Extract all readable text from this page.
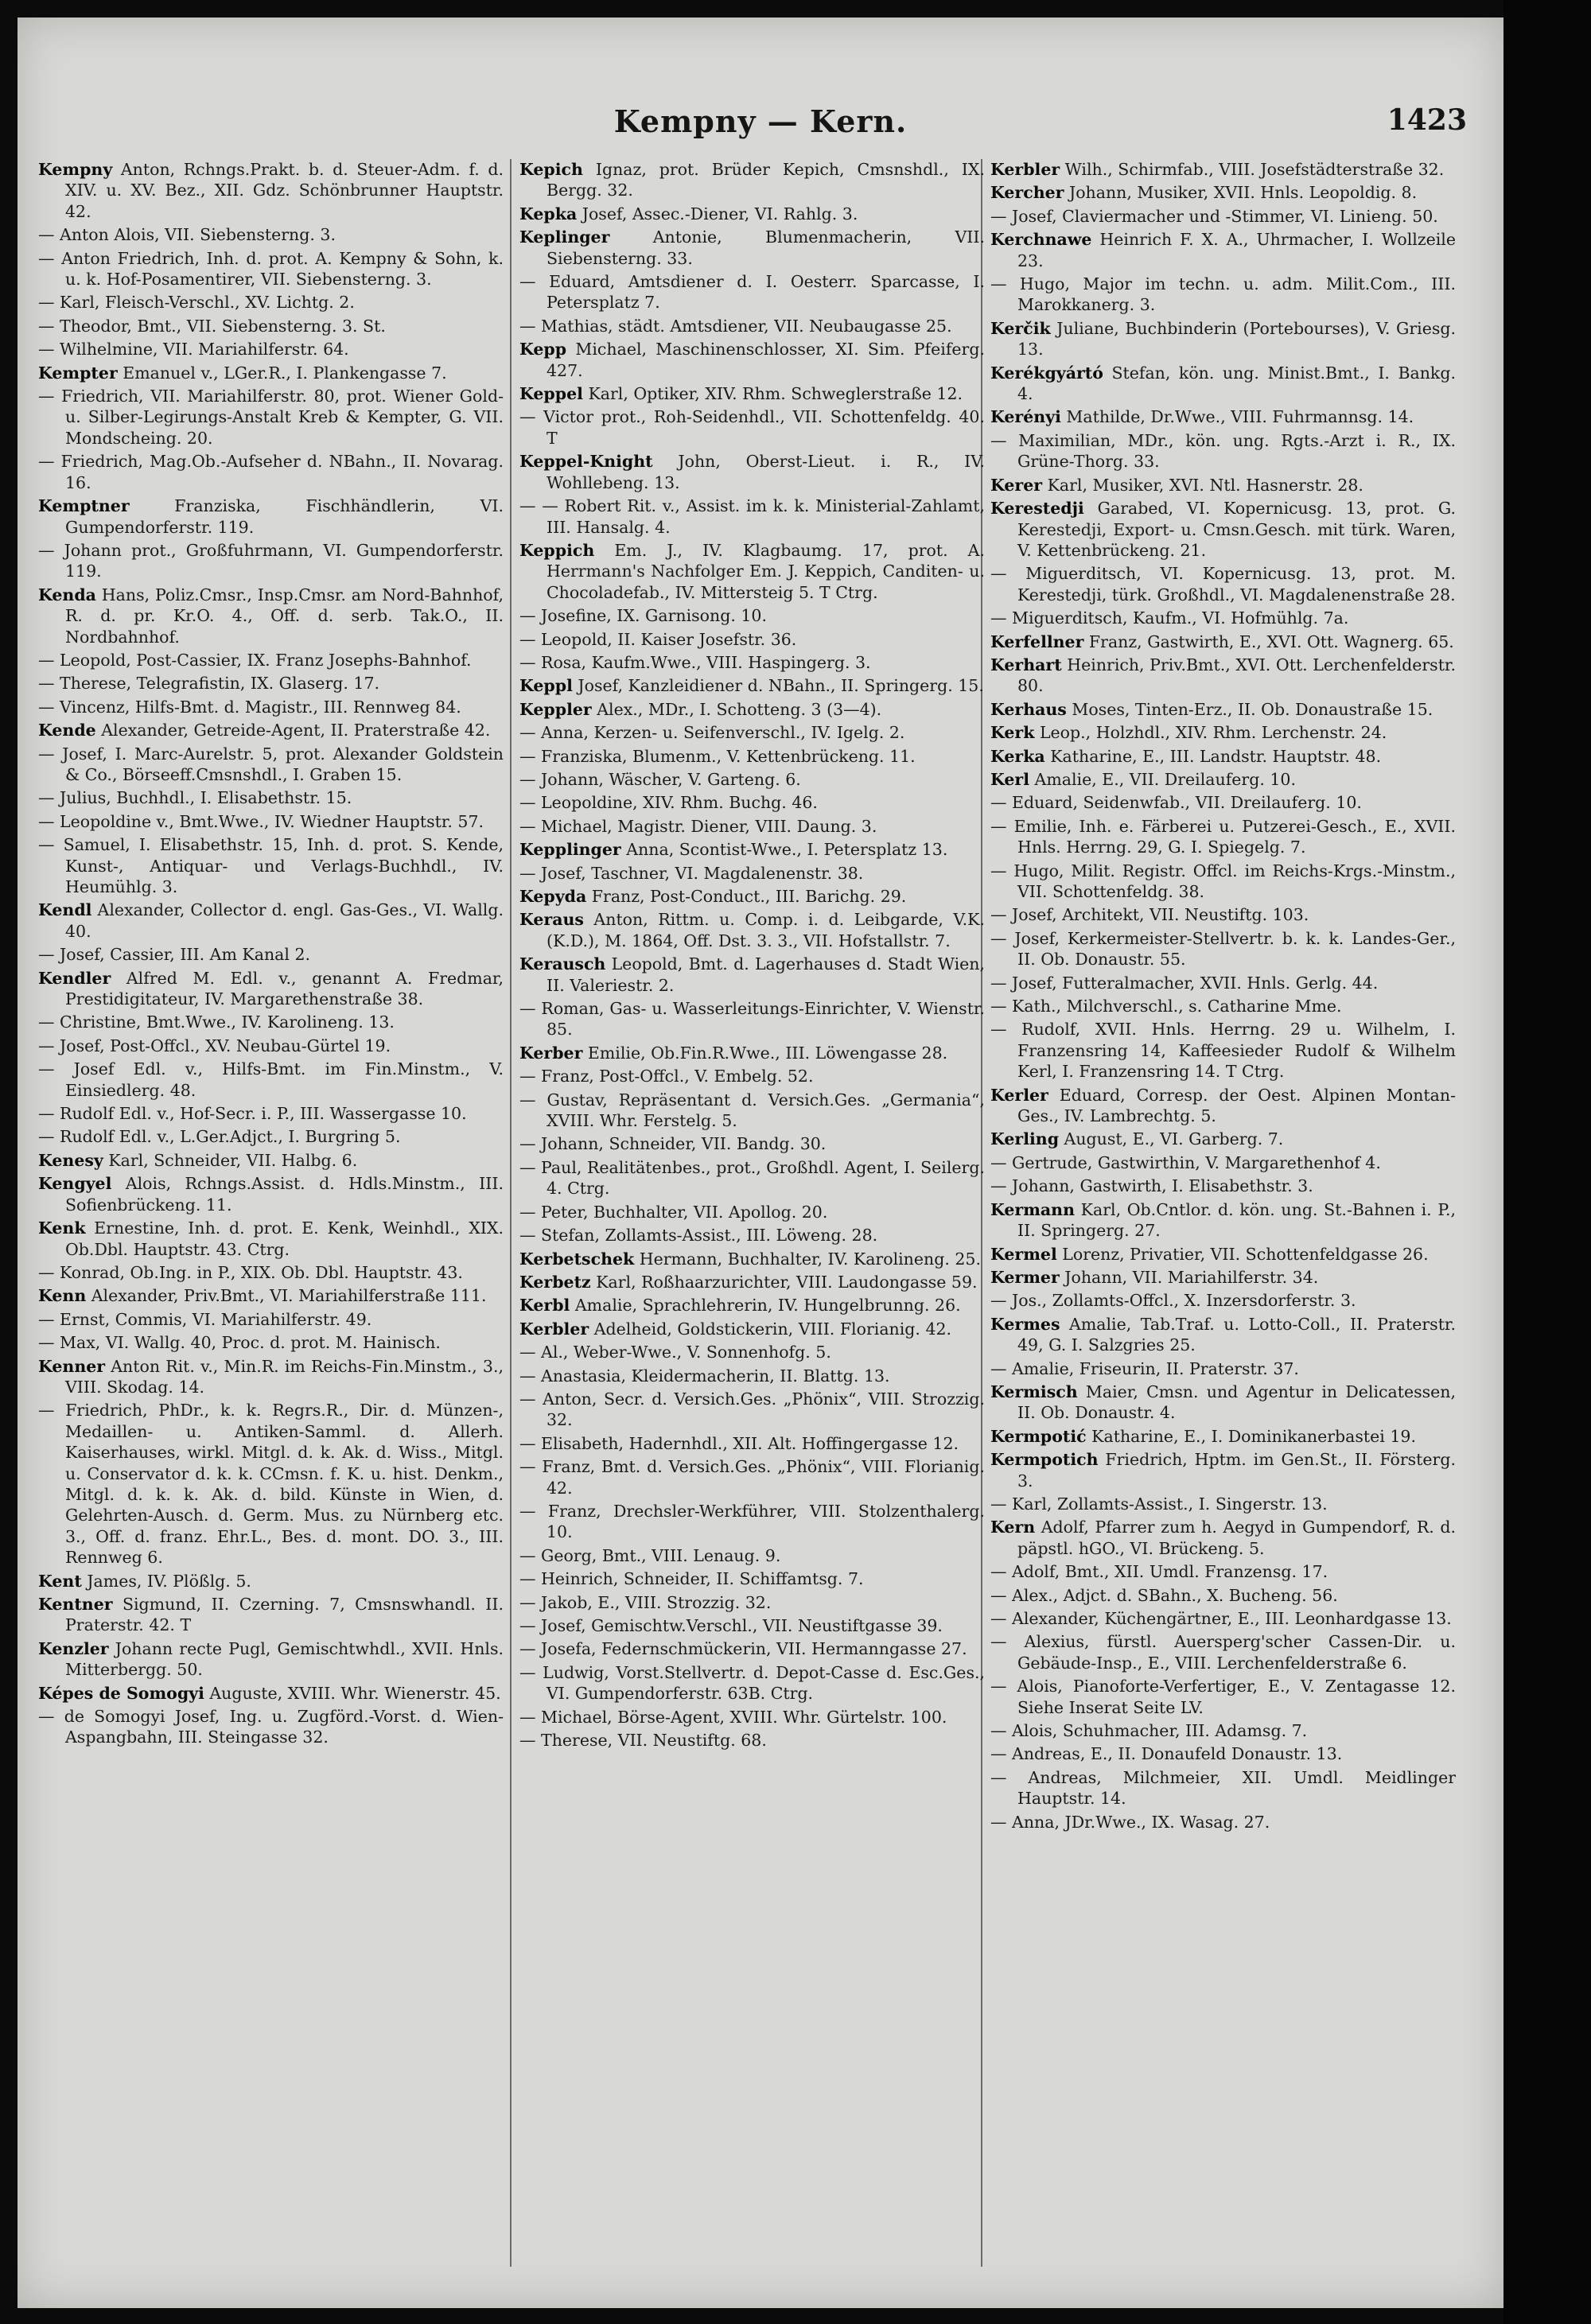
Kempny — Kern.	1423
Kempny Anton, Rchngs.Prakt. b. d. Steuer-Adm. f. d. XIV. u. XV. Bez., XII. Gdz. Schönbrunner Hauptstr. 42.
— Anton Alois, VII. Siebensterng. 3.
— Anton Friedrich, Inh. d. prot. A. Kempny & Sohn, k. u. k. Hof-Posamentirer, VII. Siebensterng. 3.
— Karl, Fleisch-Verschl., XV. Lichtg. 2.
— Theodor, Bmt., VII. Siebensterng. 3. St.
— Wilhelmine, VII. Mariahilferstr. 64.
Kempter Emanuel v., LGer.R., I. Plankengasse 7.
— Friedrich, VII. Mariahilferstr. 80, prot. Wiener Gold- u. Silber-Legirungs-Anstalt Kreb & Kempter, G. VII. Mondscheing. 20.
— Friedrich, Mag.Ob.-Aufseher d. NBahn., II. Novarag. 16.
Kemptner Franziska, Fischhändlerin, VI. Gumpendorferstr. 119.
— Johann prot., Großfuhrmann, VI. Gumpendorferstr. 119.
Kenda Hans, Poliz.Cmsr., Insp.Cmsr. am Nord-Bahnhof, R. d. pr. Kr.O. 4., Off. d. serb. Tak.O., II. Nordbahnhof.
— Leopold, Post-Cassier, IX. Franz Josephs-Bahnhof.
— Therese, Telegrafistin, IX. Glaserg. 17.
— Vincenz, Hilfs-Bmt. d. Magistr., III. Rennweg 84.
Kende Alexander, Getreide-Agent, II. Praterstraße 42.
— Josef, I. Marc-Aurelstr. 5, prot. Alexander Goldstein & Co., Börseeff.Cmsnshdl., I. Graben 15.
— Julius, Buchhdl., I. Elisabethstr. 15.
— Leopoldine v., Bmt.Wwe., IV. Wiedner Hauptstr. 57.
— Samuel, I. Elisabethstr. 15, Inh. d. prot. S. Kende, Kunst-, Antiquar- und Verlags-Buchhdl., IV. Heumühlg. 3.
Kendl Alexander, Collector d. engl. Gas-Ges., VI. Wallg. 40.
— Josef, Cassier, III. Am Kanal 2.
Kendler Alfred M. Edl. v., genannt A. Fredmar, Prestidigitateur, IV. Margarethenstraße 38.
— Christine, Bmt.Wwe., IV. Karolineng. 13.
— Josef, Post-Offcl., XV. Neubau-Gürtel 19.
— Josef Edl. v., Hilfs-Bmt. im Fin.Minstm., V. Einsiedlerg. 48.
— Rudolf Edl. v., Hof-Secr. i. P., III. Wassergasse 10.
— Rudolf Edl. v., L.Ger.Adjct., I. Burgring 5.
Kenesy Karl, Schneider, VII. Halbg. 6.
Kengyel Alois, Rchngs.Assist. d. Hdls.Minstm., III. Sofienbrückeng. 11.
Kenk Ernestine, Inh. d. prot. E. Kenk, Weinhdl., XIX. Ob.Dbl. Hauptstr. 43. Ctrg.
— Konrad, Ob.Ing. in P., XIX. Ob. Dbl. Hauptstr. 43.
Kenn Alexander, Priv.Bmt., VI. Mariahilferstraße 111.
— Ernst, Commis, VI. Mariahilferstr. 49.
— Max, VI. Wallg. 40, Proc. d. prot. M. Hainisch.
Kenner Anton Rit. v., Min.R. im Reichs-Fin.Minstm., 3., VIII. Skodag. 14.
— Friedrich, PhDr., k. k. Regrs.R., Dir. d. Münzen-, Medaillen- u. Antiken-Samml. d. Allerh. Kaiserhauses, wirkl. Mitgl. d. k. Ak. d. Wiss., Mitgl. u. Conservator d. k. k. CCmsn. f. K. u. hist. Denkm., Mitgl. d. k. k. Ak. d. bild. Künste in Wien, d. Gelehrten-Ausch. d. Germ. Mus. zu Nürnberg etc. 3., Off. d. franz. Ehr.L., Bes. d. mont. DO. 3., III. Rennweg 6.
Kent James, IV. Plößlg. 5.
Kentner Sigmund, II. Czerning. 7, Cmsnswhandl. II. Praterstr. 42. T
Kenzler Johann recte Pugl, Gemischtwhdl., XVII. Hnls. Mitterbergg. 50.
Képes de Somogyi Auguste, XVIII. Whr. Wienerstr. 45.
— de Somogyi Josef, Ing. u. Zugförd.-Vorst. d. Wien-Aspangbahn, III. Steingasse 32.
Kepich Ignaz, prot. Brüder Kepich, Cmsnshdl., IX. Bergg. 32.
Kepka Josef, Assec.-Diener, VI. Rahlg. 3.
Keplinger Antonie, Blumenmacherin, VII. Siebensterng. 33.
— Eduard, Amtsdiener d. I. Oesterr. Sparcasse, I. Petersplatz 7.
— Mathias, städt. Amtsdiener, VII. Neubaugasse 25.
Kepp Michael, Maschinenschlosser, XI. Sim. Pfeiferg. 427.
Keppel Karl, Optiker, XIV. Rhm. Schweglerstraße 12.
— Victor prot., Roh-Seidenhdl., VII. Schottenfeldg. 40. T
Keppel-Knight John, Oberst-Lieut. i. R., IV. Wohllebeng. 13.
— — Robert Rit. v., Assist. im k. k. Ministerial-Zahlamt, III. Hansalg. 4.
Keppich Em. J., IV. Klagbaumg. 17, prot. A. Herrmann's Nachfolger Em. J. Keppich, Canditen- u. Chocoladefab., IV. Mittersteig 5. T Ctrg.
— Josefine, IX. Garnisong. 10.
— Leopold, II. Kaiser Josefstr. 36.
— Rosa, Kaufm.Wwe., VIII. Haspingerg. 3.
Keppl Josef, Kanzleidiener d. NBahn., II. Springerg. 15.
Keppler Alex., MDr., I. Schotteng. 3 (3—4).
— Anna, Kerzen- u. Seifenverschl., IV. Igelg. 2.
— Franziska, Blumenm., V. Kettenbrückeng. 11.
— Johann, Wäscher, V. Garteng. 6.
— Leopoldine, XIV. Rhm. Buchg. 46.
— Michael, Magistr. Diener, VIII. Daung. 3.
Kepplinger Anna, Scontist-Wwe., I. Petersplatz 13.
— Josef, Taschner, VI. Magdalenenstr. 38.
Kepyda Franz, Post-Conduct., III. Barichg. 29.
Keraus Anton, Rittm. u. Comp. i. d. Leibgarde, V.K. (K.D.), M. 1864, Off. Dst. 3. 3., VII. Hofstallstr. 7.
Kerausch Leopold, Bmt. d. Lagerhauses d. Stadt Wien, II. Valeriestr. 2.
— Roman, Gas- u. Wasserleitungs-Einrichter, V. Wienstr. 85.
Kerber Emilie, Ob.Fin.R.Wwe., III. Löwengasse 28.
— Franz, Post-Offcl., V. Embelg. 52.
— Gustav, Repräsentant d. Versich.Ges. „Germania“, XVIII. Whr. Ferstelg. 5.
— Johann, Schneider, VII. Bandg. 30.
— Paul, Realitätenbes., prot., Großhdl. Agent, I. Seilerg. 4. Ctrg.
— Peter, Buchhalter, VII. Apollog. 20.
— Stefan, Zollamts-Assist., III. Löweng. 28.
Kerbetschek Hermann, Buchhalter, IV. Karolineng. 25.
Kerbetz Karl, Roßhaarzurichter, VIII. Laudongasse 59.
Kerbl Amalie, Sprachlehrerin, IV. Hungelbrunng. 26.
Kerbler Adelheid, Goldstickerin, VIII. Florianig. 42.
— Al., Weber-Wwe., V. Sonnenhofg. 5.
— Anastasia, Kleidermacherin, II. Blattg. 13.
— Anton, Secr. d. Versich.Ges. „Phönix“, VIII. Strozzig. 32.
— Elisabeth, Hadernhdl., XII. Alt. Hoffingergasse 12.
— Franz, Bmt. d. Versich.Ges. „Phönix“, VIII. Florianig. 42.
— Franz, Drechsler-Werkführer, VIII. Stolzenthalerg. 10.
— Georg, Bmt., VIII. Lenaug. 9.
— Heinrich, Schneider, II. Schiffamtsg. 7.
— Jakob, E., VIII. Strozzig. 32.
— Josef, Gemischtw.Verschl., VII. Neustiftgasse 39.
— Josefa, Federnschmückerin, VII. Hermanngasse 27.
— Ludwig, Vorst.Stellvertr. d. Depot-Casse d. Esc.Ges., VI. Gumpendorferstr. 63B. Ctrg.
— Michael, Börse-Agent, XVIII. Whr. Gürtelstr. 100.
— Therese, VII. Neustiftg. 68.
Kerbler Wilh., Schirmfab., VIII. Josefstädterstraße 32.
Kercher Johann, Musiker, XVII. Hnls. Leopoldig. 8.
— Josef, Claviermacher und -Stimmer, VI. Linieng. 50.
Kerchnawe Heinrich F. X. A., Uhrmacher, I. Wollzeile 23.
— Hugo, Major im techn. u. adm. Milit.Com., III. Marokkanerg. 3.
Kerčik Juliane, Buchbinderin (Portebourses), V. Griesg. 13.
Kerékgyártó Stefan, kön. ung. Minist.Bmt., I. Bankg. 4.
Kerényi Mathilde, Dr.Wwe., VIII. Fuhrmannsg. 14.
— Maximilian, MDr., kön. ung. Rgts.-Arzt i. R., IX. Grüne-Thorg. 33.
Kerer Karl, Musiker, XVI. Ntl. Hasnerstr. 28.
Kerestedji Garabed, VI. Kopernicusg. 13, prot. G. Kerestedji, Export- u. Cmsn.Gesch. mit türk. Waren, V. Kettenbrückeng. 21.
— Miguerditsch, VI. Kopernicusg. 13, prot. M. Kerestedji, türk. Großhdl., VI. Magdalenenstraße 28.
— Miguerditsch, Kaufm., VI. Hofmühlg. 7a.
Kerfellner Franz, Gastwirth, E., XVI. Ott. Wagnerg. 65.
Kerhart Heinrich, Priv.Bmt., XVI. Ott. Lerchenfelderstr. 80.
Kerhaus Moses, Tinten-Erz., II. Ob. Donaustraße 15.
Kerk Leop., Holzhdl., XIV. Rhm. Lerchenstr. 24.
Kerka Katharine, E., III. Landstr. Hauptstr. 48.
Kerl Amalie, E., VII. Dreilauferg. 10.
— Eduard, Seidenwfab., VII. Dreilauferg. 10.
— Emilie, Inh. e. Färberei u. Putzerei-Gesch., E., XVII. Hnls. Herrng. 29, G. I. Spiegelg. 7.
— Hugo, Milit. Registr. Offcl. im Reichs-Krgs.-Minstm., VII. Schottenfeldg. 38.
— Josef, Architekt, VII. Neustiftg. 103.
— Josef, Kerkermeister-Stellvertr. b. k. k. Landes-Ger., II. Ob. Donaustr. 55.
— Josef, Futteralmacher, XVII. Hnls. Gerlg. 44.
— Kath., Milchverschl., s. Catharine Mme.
— Rudolf, XVII. Hnls. Herrng. 29 u. Wilhelm, I. Franzensring 14, Kaffeesieder Rudolf & Wilhelm Kerl, I. Franzensring 14. T Ctrg.
Kerler Eduard, Corresp. der Oest. Alpinen Montan-Ges., IV. Lambrechtg. 5.
Kerling August, E., VI. Garberg. 7.
— Gertrude, Gastwirthin, V. Margarethenhof 4.
— Johann, Gastwirth, I. Elisabethstr. 3.
Kermann Karl, Ob.Cntlor. d. kön. ung. St.-Bahnen i. P., II. Springerg. 27.
Kermel Lorenz, Privatier, VII. Schottenfeldgasse 26.
Kermer Johann, VII. Mariahilferstr. 34.
— Jos., Zollamts-Offcl., X. Inzersdorferstr. 3.
Kermes Amalie, Tab.Traf. u. Lotto-Coll., II. Praterstr. 49, G. I. Salzgries 25.
— Amalie, Friseurin, II. Praterstr. 37.
Kermisch Maier, Cmsn. und Agentur in Delicatessen, II. Ob. Donaustr. 4.
Kermpotić Katharine, E., I. Dominikanerbastei 19.
Kermpotich Friedrich, Hptm. im Gen.St., II. Försterg. 3.
— Karl, Zollamts-Assist., I. Singerstr. 13.
Kern Adolf, Pfarrer zum h. Aegyd in Gumpendorf, R. d. päpstl. hGO., VI. Brückeng. 5.
— Adolf, Bmt., XII. Umdl. Franzensg. 17.
— Alex., Adjct. d. SBahn., X. Bucheng. 56.
— Alexander, Küchengärtner, E., III. Leonhardgasse 13.
— Alexius, fürstl. Auersperg'scher Cassen-Dir. u. Gebäude-Insp., E., VIII. Lerchenfelderstraße 6.
— Alois, Pianoforte-Verfertiger, E., V. Zentagasse 12. Siehe Inserat Seite LV.
— Alois, Schuhmacher, III. Adamsg. 7.
— Andreas, E., II. Donaufeld Donaustr. 13.
— Andreas, Milchmeier, XII. Umdl. Meidlinger Hauptstr. 14.
— Anna, JDr.Wwe., IX. Wasag. 27.
